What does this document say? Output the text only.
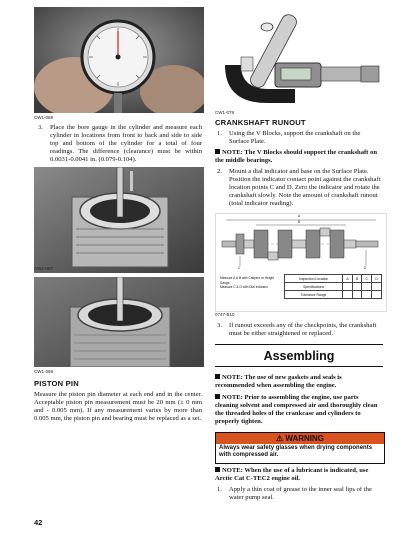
CW1-069
3. Place the bore gauge in the cylinder and measure each cylinder in locations from front to back and side to side top and bottom of the cylinder for a total of four readings. The difference (clearance) must be within 0.0031-0.0041 in. (0.079-0.104).

CW1-067
CW1-068
PISTON PIN

Measure the piston pin diameter at each end and in the center. Acceptable piston pin measurement must be 20 mm (± 0 mm and - 0.005 mm). If any measurement varies by more than 0.005 mm, the piston pin and bearing must be replaced as a set.

42
CW1-079
CRANKSHAFT RUNOUT
1. Using the V Blocks, support the crankshaft on the Surface Plate.

NOTE: The V Blocks should support the crankshaft on the middle bearings.

2. Mount a dial indicator and base on the Surface Plate. Position the indicator contact point against the crankshaft location points C and D. Zero the indicator and rotate the crankshaft slowly. Note the amount of crankshaft runout (total indicator reading).

A
B
C	D
Measure A & B with Calipers or Height Gauge
Measure C & D with Dial Indicator
Inspection Location	A	B	C	D
Specifications				
Tolerance Range				
0747-B10
3. If runout exceeds any of the checkpoints, the crankshaft must be either straightened or replaced.

Assembling

NOTE: The use of new gaskets and seals is recommended when assembling the engine.

NOTE: Prior to assembling the engine, use parts cleaning solvent and compressed air and thoroughly clean the threaded holes of the crankcase and cylinders to properly tighten.

⚠ WARNING
Always wear safety glasses when drying components with compressed air.

NOTE: When the use of a lubricant is indicated, use Arctic Cat C-TEC2 engine oil.

1. Apply a thin coat of grease to the inner seal lips of the water pump seal.
